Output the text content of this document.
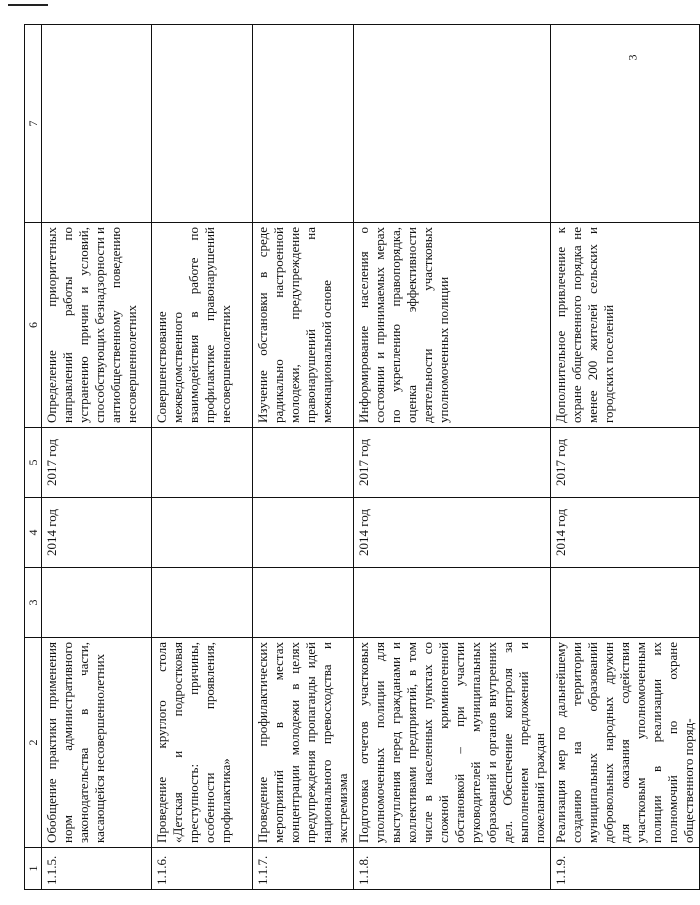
3
1	2	3	4	5	6	7
1.1.5.	Обобщение практики применения норм административного законодательства в части, касающейся несовершеннолетних		2014 год	2017 год	Определение приоритетных направлений работы по устранению причин и условий, способствующих безнадзорности и антиобщественному поведению несовершеннолетних	
1.1.6.	Проведение круглого стола «Детская и подростковая преступность: причины, особенности проявления, профилактика»				Совершенствование межведомственного взаимодействия в работе по профилактике правонарушений несовершеннолетних	
1.1.7.	Проведение профилактических мероприятий в местах концентрации молодежи в целях предупреждения пропаганды идей национального превосходства и экстремизма				Изучение обстановки в среде радикально настроенной молодежи, предупреждение правонарушений на межнациональной основе	
1.1.8.	Подготовка отчетов участковых уполномоченных полиции для выступления перед гражданами и коллективами предприятий, в том числе в населенных пунктах со сложной криминогенной обстановкой – при участии руководителей муниципальных образований и органов внутренних дел. Обеспечение контроля за выполнением предложений и пожеланий граждан		2014 год	2017 год	Информирование населения о состоянии и принимаемых мерах по укреплению правопорядка, оценка эффективности деятельности участковых уполномоченных полиции	
1.1.9.	Реализация мер по дальнейшему созданию на территории муниципальных образований добровольных народных дружин для оказания содействия участковым уполномоченным полиции в реализации их полномочий по охране общественного поряд-		2014 год	2017 год	Дополнительное привлечение к охране общественного порядка не менее 200 жителей сельских и городских поселений	
